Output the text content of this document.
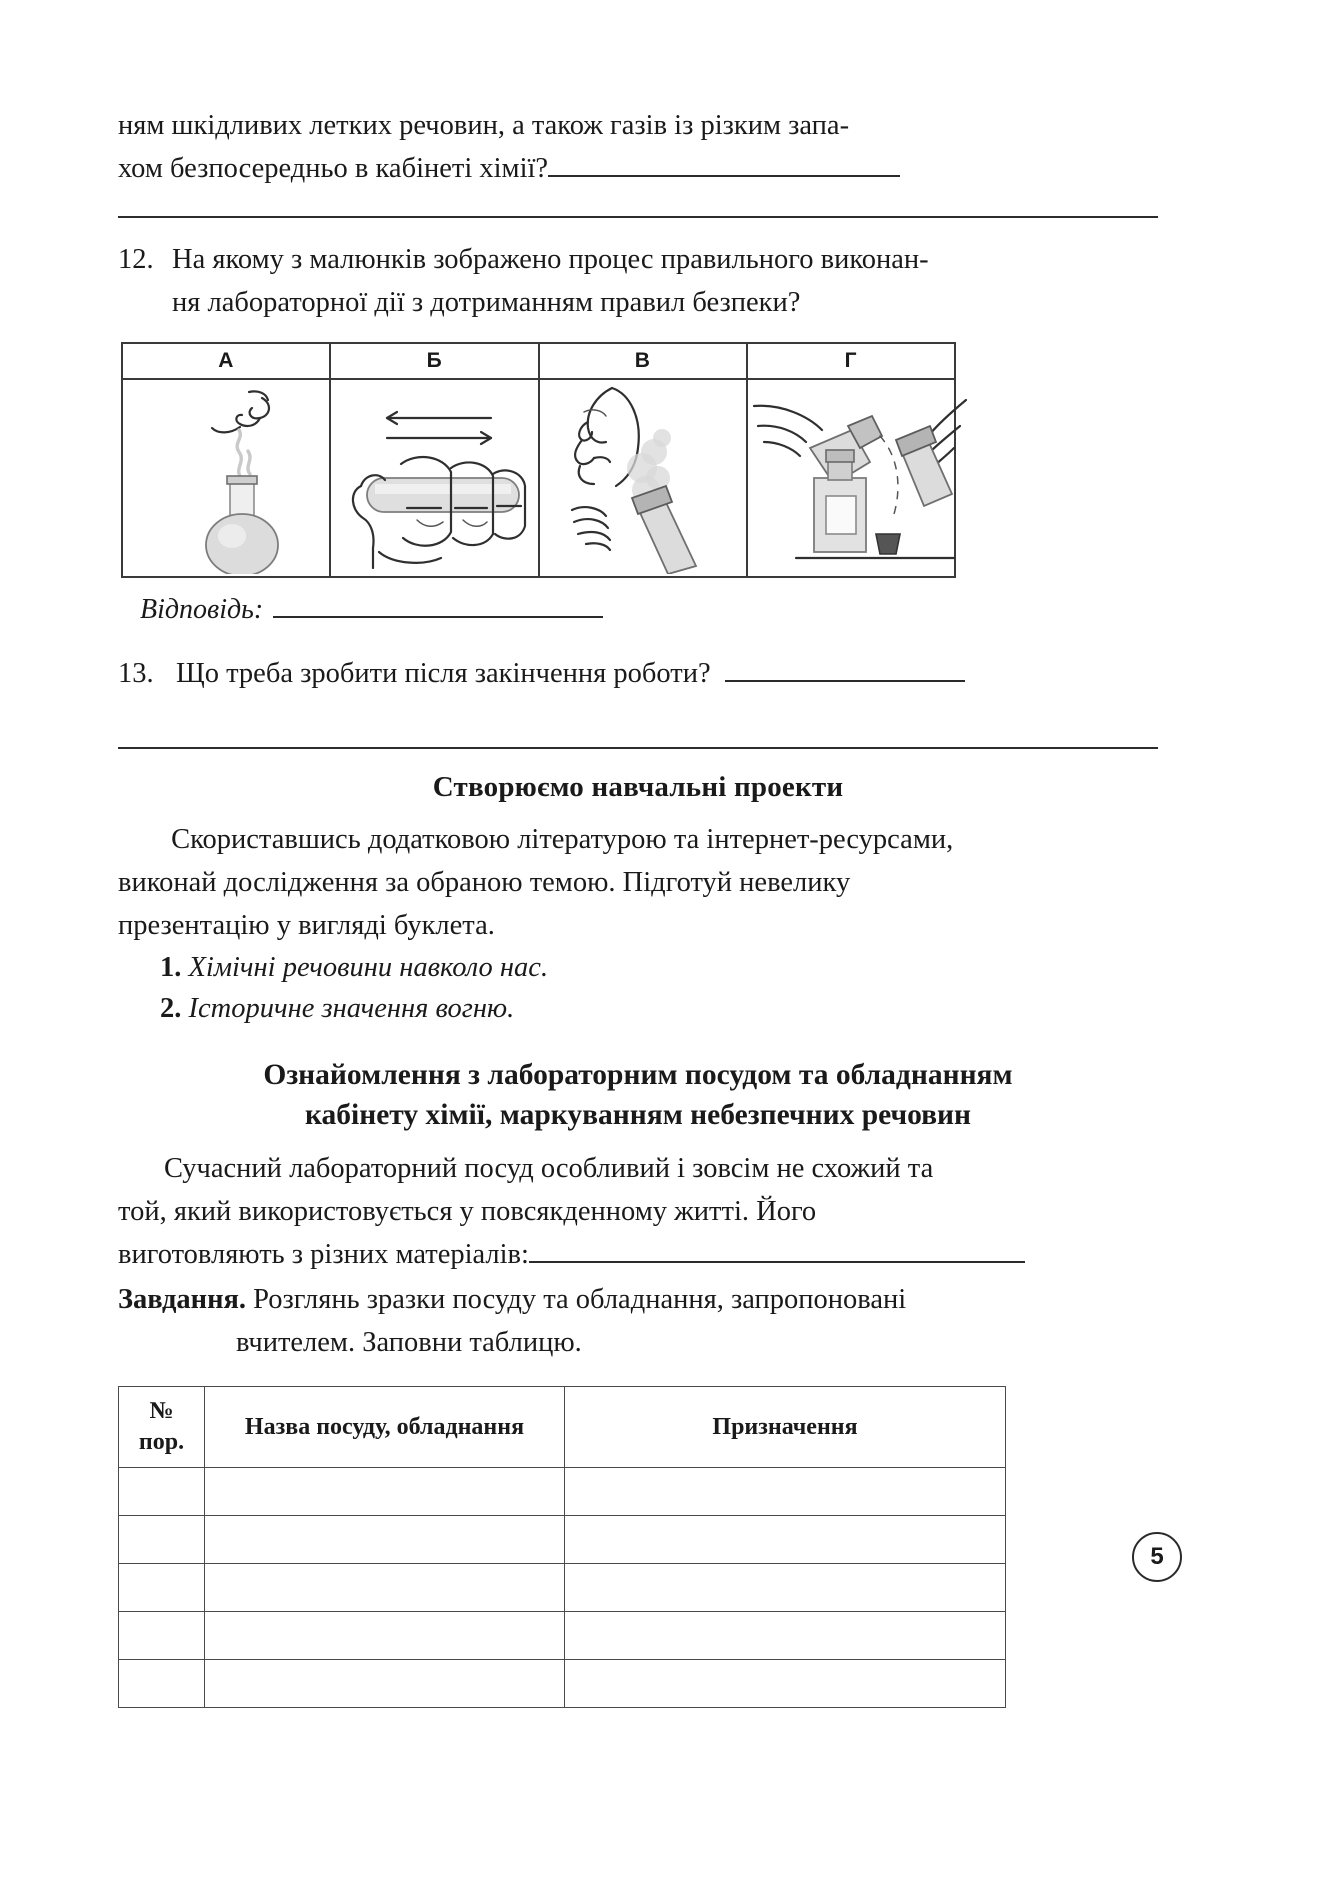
ням шкідливих летких речовин, а також газів із різким запа-
хом безпосередньо в кабінеті хімії?
12. На якому з малюнків зображено процес правильного виконан-
ня лабораторної дії з дотриманням правил безпеки?
А	Б	В	Г

Відповідь:
13. Що треба зробити після закінчення роботи?
Створюємо навчальні проекти
Скориставшись додатковою літературою та інтернет-ресурсами,
виконай дослідження за обраною темою. Підготуй невелику
презентацію у вигляді буклета.
1. Хімічні речовини навколо нас.
2. Історичне значення вогню.
Ознайомлення з лабораторним посудом та обладнанням
кабінету хімії, маркуванням небезпечних речовин
Сучасний лабораторний посуд особливий і зовсім не схожий та
той, який використовується у повсякденному житті. Його
виготовляють з різних матеріалів:
Завдання. Розглянь зразки посуду та обладнання, запропоновані
вчителем. Заповни таблицю.
№
пор.	Назва посуду, обладнання	Призначення

5
